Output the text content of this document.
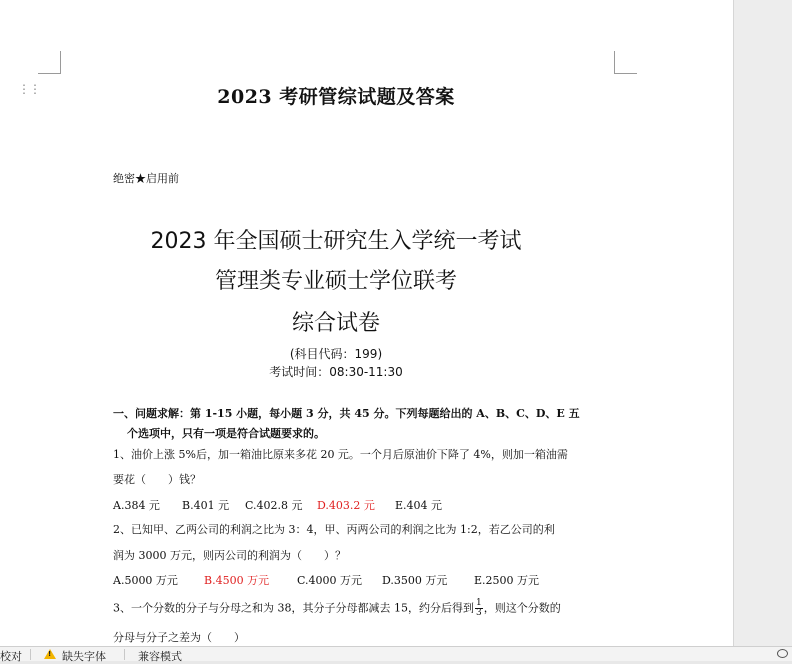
⋮⋮	2023 考研管综试题及答案
绝密★启用前
2023 年全国硕士研究生入学统一考试
管理类专业硕士学位联考
综合试卷
(科目代码：199)
考试时间：08:30-11:30
一、问题求解：第 1-15 小题，每小题 3 分，共 45 分。下列每题给出的 A、B、C、D、E 五
个选项中，只有一项是符合试题要求的。
1、油价上涨 5%后，加一箱油比原来多花 20 元。一个月后原油价下降了 4%，则加一箱油需
要花（　　）钱？
A.384 元 B.401 元 C.402.8 元 D.403.2 元 E.404 元
2、已知甲、乙两公司的利润之比为 3：4，甲、丙两公司的利润之比为 1:2，若乙公司的利
润为 3000 万元，则丙公司的利润为（　　）？
A.5000 万元 B.4500 万元	C.4000 万元 D.3500 万元 E.2500 万元
3、一个分数的分子与分母之和为 38，其分子分母都减去 15，约分后得到 $\frac{1}{3}$ ，则这个分数的
分母与分子之差为（　　）
校对	! 缺失字体	兼容模式
